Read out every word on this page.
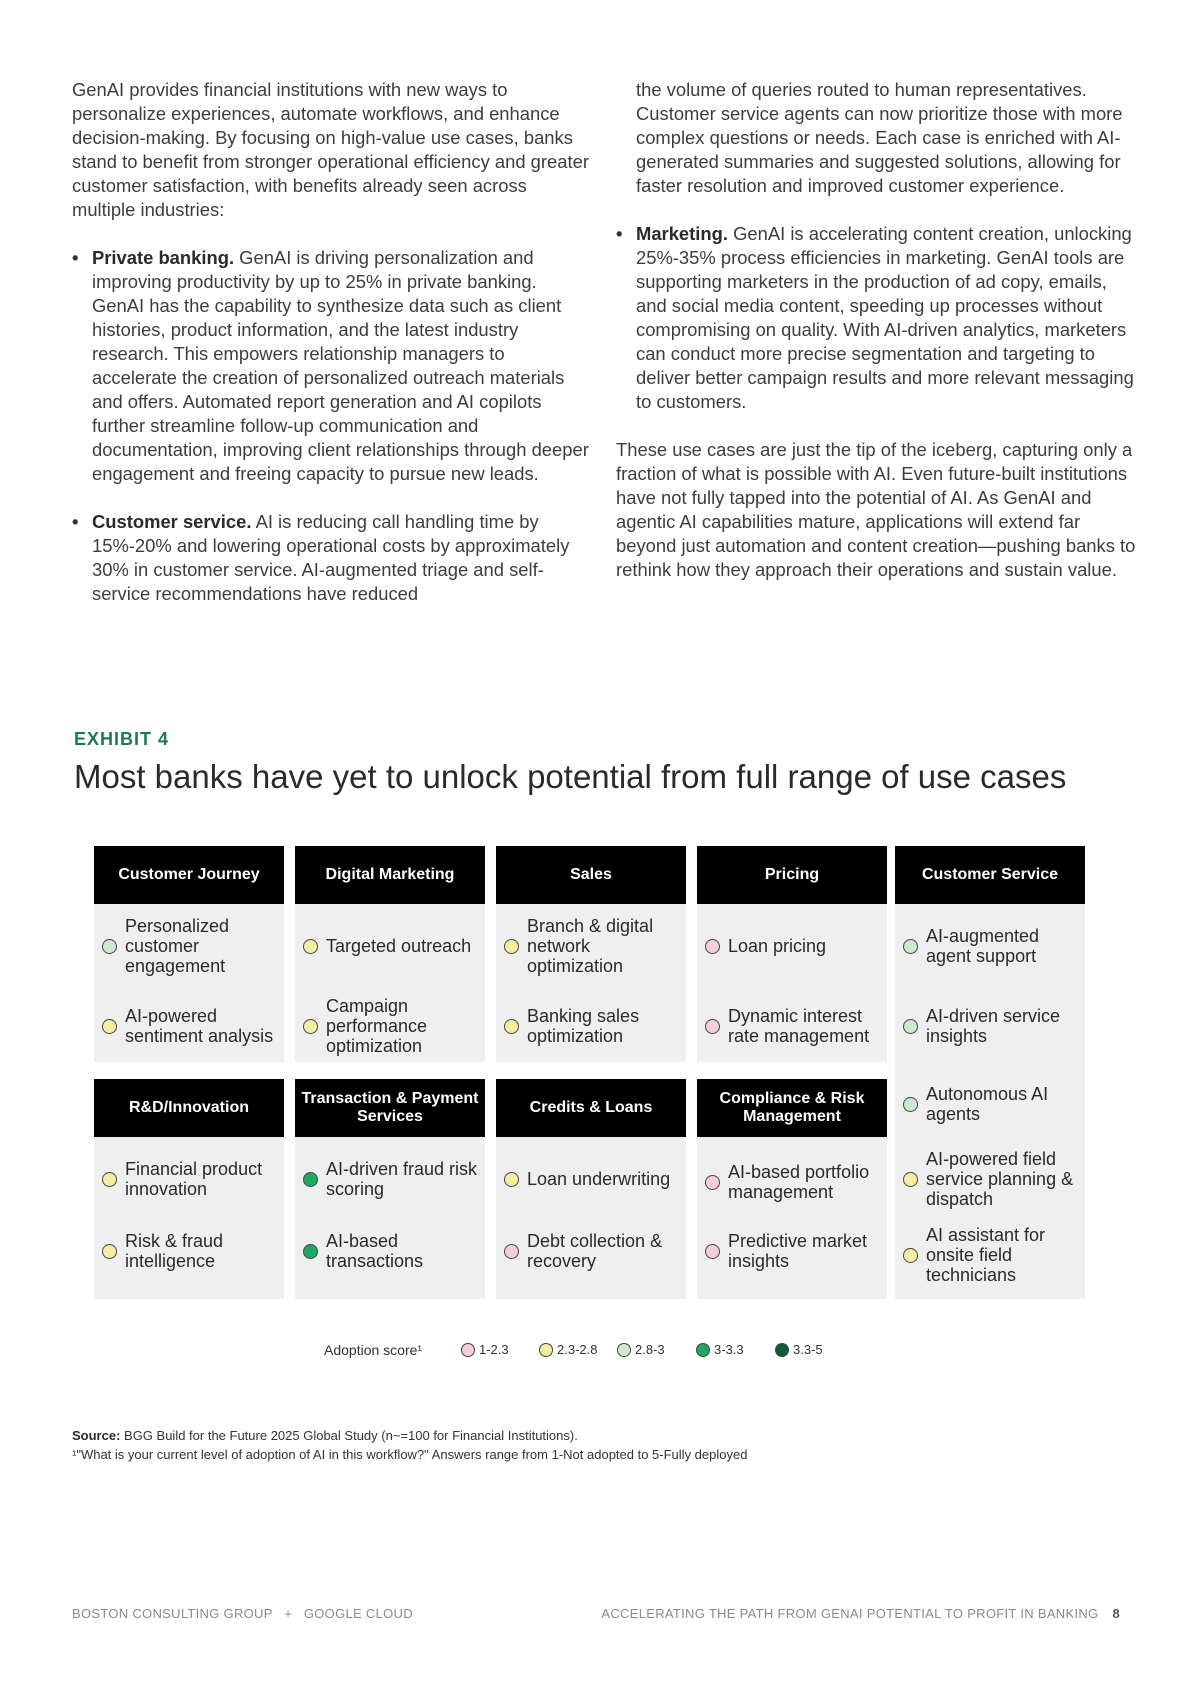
GenAI provides financial institutions with new ways to personalize experiences, automate workflows, and enhance decision-making. By focusing on high-value use cases, banks stand to benefit from stronger operational efficiency and greater customer satisfaction, with benefits already seen across multiple industries:

• Private banking. GenAI is driving personalization and improving productivity by up to 25% in private banking. GenAI has the capability to synthesize data such as client histories, product information, and the latest industry research. This empowers relationship managers to accelerate the creation of personalized outreach materials and offers. Automated report generation and AI copilots further streamline follow-up communication and documentation, improving client relationships through deeper engagement and freeing capacity to pursue new leads.
• Customer service. AI is reducing call handling time by 15%-20% and lowering operational costs by approximately 30% in customer service. AI-augmented triage and self-service recommendations have reduced
the volume of queries routed to human representatives. Customer service agents can now prioritize those with more complex questions or needs. Each case is enriched with AI-generated summaries and suggested solutions, allowing for faster resolution and improved customer experience.
• Marketing. GenAI is accelerating content creation, unlocking 25%-35% process efficiencies in marketing. GenAI tools are supporting marketers in the production of ad copy, emails, and social media content, speeding up processes without compromising on quality. With AI-driven analytics, marketers can conduct more precise segmentation and targeting to deliver better campaign results and more relevant messaging to customers.

These use cases are just the tip of the iceberg, capturing only a fraction of what is possible with AI. Even future-built institutions have not fully tapped into the potential of AI. As GenAI and agentic AI capabilities mature, applications will extend far beyond just automation and content creation—pushing banks to rethink how they approach their operations and sustain value.

EXHIBIT 4
Most banks have yet to unlock potential from full range of use cases
Customer Journey
Personalized customer engagement
AI-powered sentiment analysis
Digital Marketing
Targeted outreach
Campaign performance optimization
Sales
Branch & digital network optimization
Banking sales optimization
Pricing
Loan pricing
Dynamic interest rate management
Customer Service
AI-augmented agent support
AI-driven service insights
Autonomous AI agents
AI-powered field service planning & dispatch
AI assistant for onsite field technicians
R&D/Innovation
Financial product innovation
Risk & fraud intelligence
Transaction & Payment Services
AI-driven fraud risk scoring
AI-based transactions
Credits & Loans
Loan underwriting
Debt collection & recovery
Compliance & Risk Management
AI-based portfolio management
Predictive market insights
Adoption score¹	1-2.3	2.3-2.8	2.8-3	3-3.3	3.3-5
Source: BGG Build for the Future 2025 Global Study (n~=100 for Financial Institutions).
¹"What is your current level of adoption of AI in this workflow?" Answers range from 1-Not adopted to 5-Fully deployed
BOSTON CONSULTING GROUP   +   GOOGLE CLOUD	ACCELERATING THE PATH FROM GENAI POTENTIAL TO PROFIT IN BANKING 8
